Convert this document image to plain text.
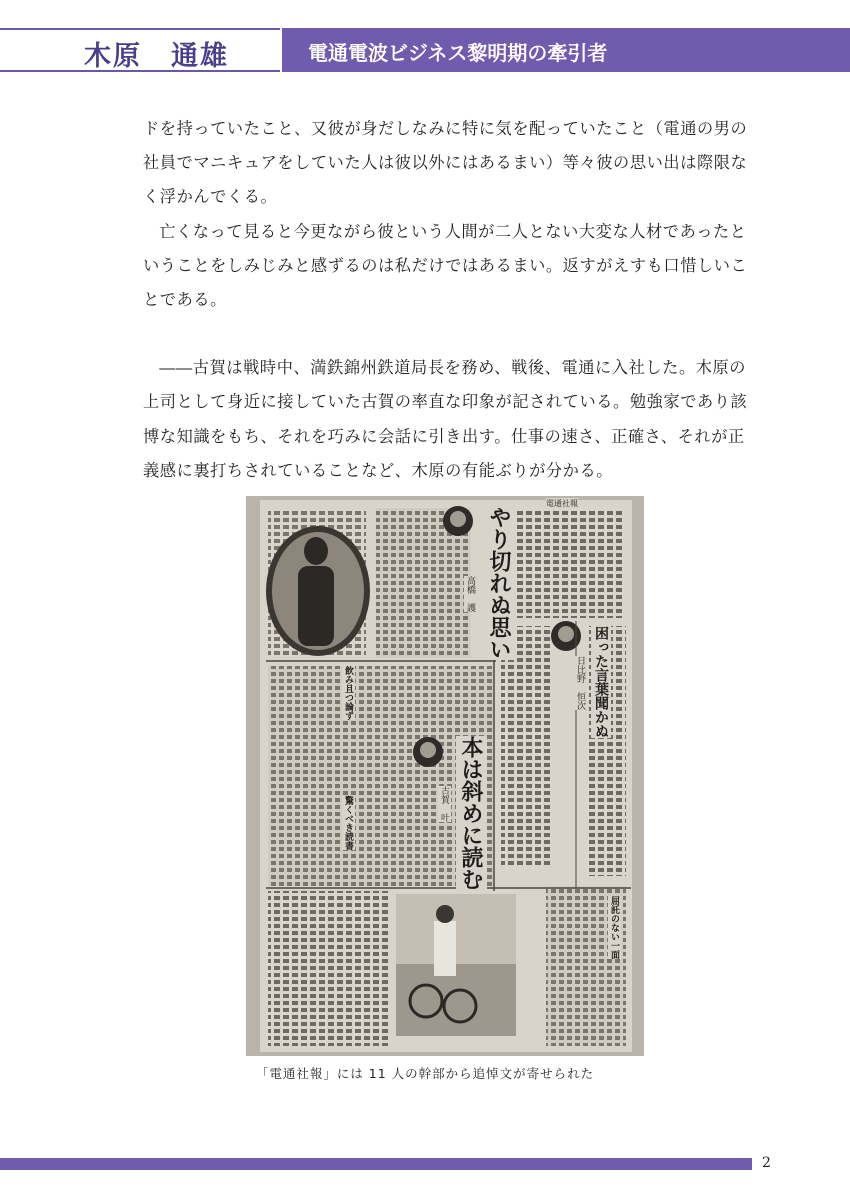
木原　通雄	電通電波ビジネス黎明期の牽引者

ドを持っていたこと、又彼が身だしなみに特に気を配っていたこと（電通の男の社員でマニキュアをしていた人は彼以外にはあるまい）等々彼の思い出は際限なく浮かんでくる。

亡くなって見ると今更ながら彼という人間が二人とない大変な人材であったということをしみじみと感ずるのは私だけではあるまい。返すがえすも口惜しいことである。

――古賀は戦時中、満鉄錦州鉄道局長を務め、戦後、電通に入社した。木原の上司として身近に接していた古賀の率直な印象が記されている。勉強家であり該博な知識をもち、それを巧みに会話に引き出す。仕事の速さ、正確さ、それが正義感に裏打ちされていることなど、木原の有能ぶりが分かる。

やり切れぬ思い
高橋　護
困った言葉聞かぬ
日比野　恒次
本は斜めに読む
古賀　叶
飲み且つ論ず
驚くべき読書
屈託のない一面
電通社報
「電通社報」には 11 人の幹部から追悼文が寄せられた
2
